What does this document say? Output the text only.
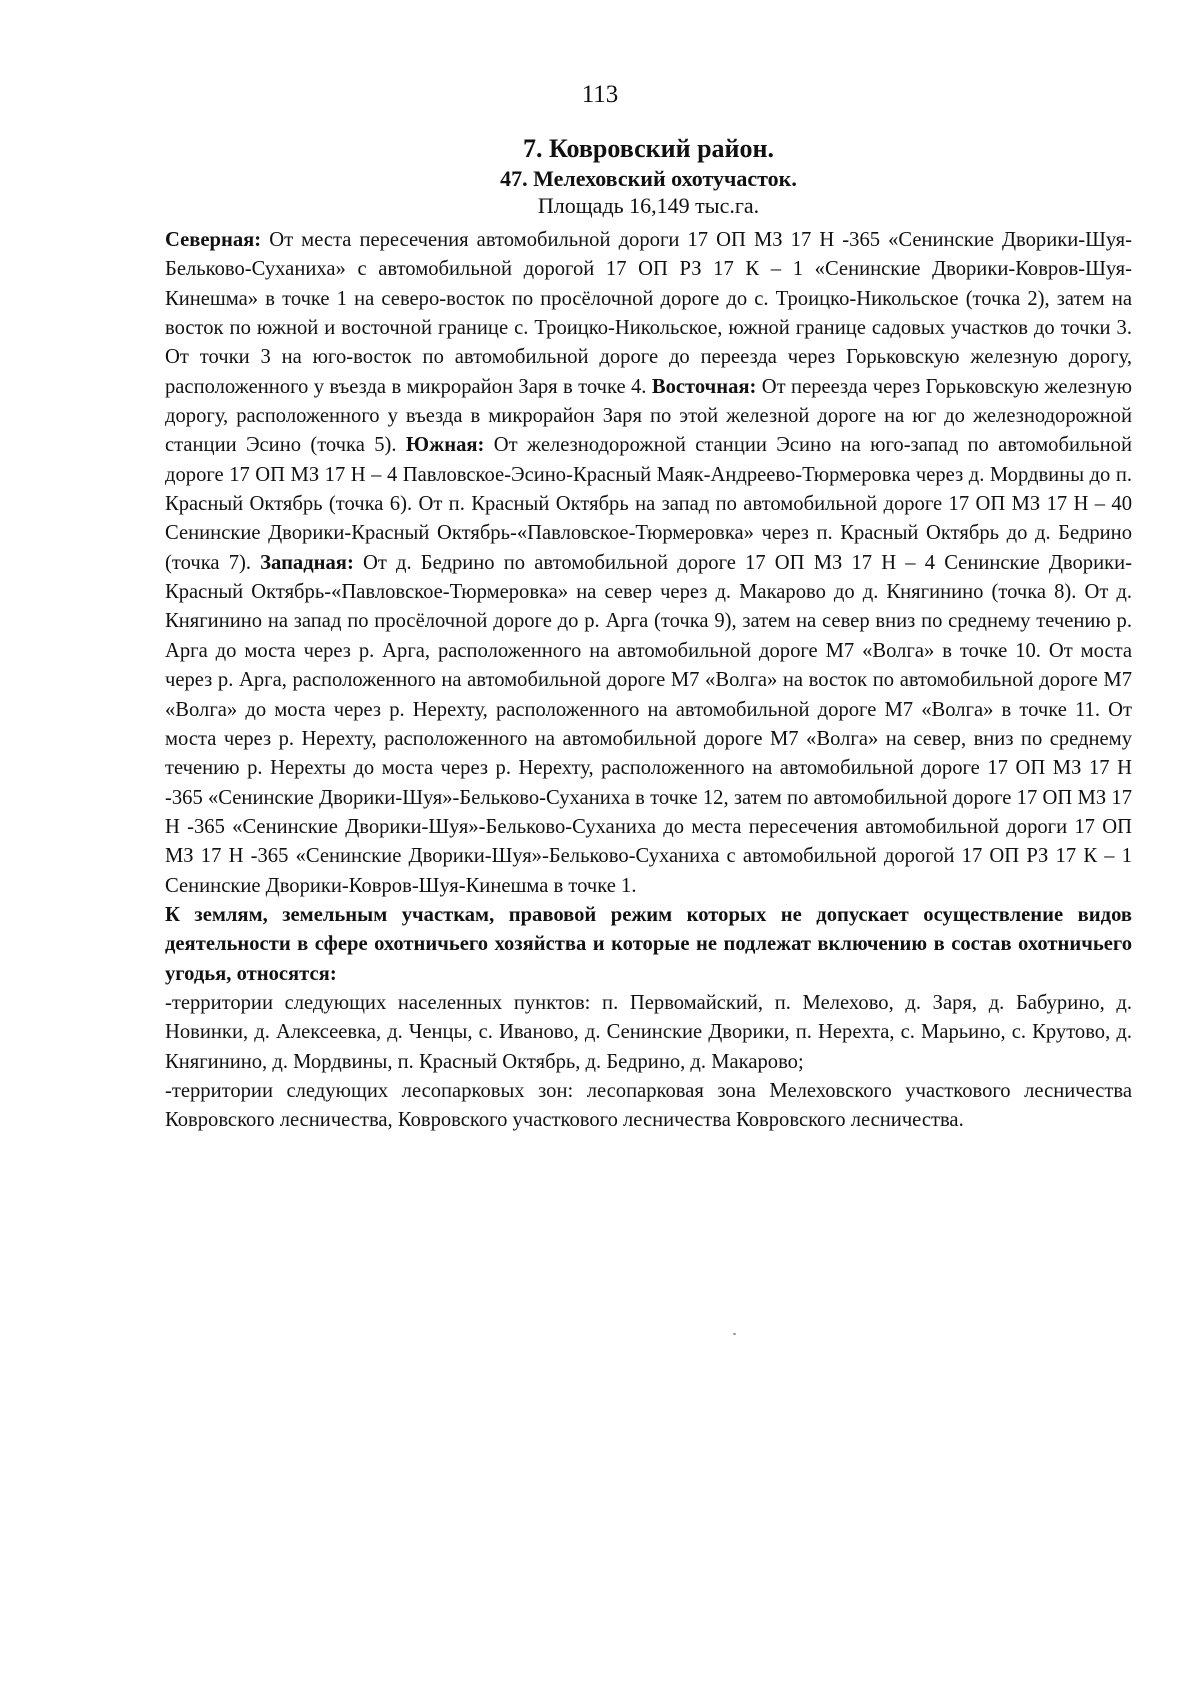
113
7. Ковровский район.
47. Мелеховский охотучасток.
Площадь 16,149 тыс.га.

Северная: От места пересечения автомобильной дороги 17 ОП МЗ 17 Н -365 «Сенинские Дворики-Шуя-Бельково-Суханиха» с автомобильной дорогой 17 ОП РЗ 17 К – 1 «Сенинские Дворики-Ковров-Шуя-Кинешма» в точке 1 на северо-восток по просёлочной дороге до с. Троицко-Никольское (точка 2), затем на восток по южной и восточной границе с. Троицко-Никольское, южной границе садовых участков до точки 3. От точки 3 на юго-восток по автомобильной дороге до переезда через Горьковскую железную дорогу, расположенного у въезда в микрорайон Заря в точке 4. Восточная: От переезда через Горьковскую железную дорогу, расположенного у въезда в микрорайон Заря по этой железной дороге на юг до железнодорожной станции Эсино (точка 5). Южная: От железнодорожной станции Эсино на юго-запад по автомобильной дороге 17 ОП МЗ 17 Н – 4 Павловское-Эсино-Красный Маяк-Андреево-Тюрмеровка через д. Мордвины до п. Красный Октябрь (точка 6). От п. Красный Октябрь на запад по автомобильной дороге 17 ОП МЗ 17 Н – 40 Сенинские Дворики-Красный Октябрь-«Павловское-Тюрмеровка» через п. Красный Октябрь до д. Бедрино (точка 7). Западная: От д. Бедрино по автомобильной дороге 17 ОП МЗ 17 Н – 4 Сенинские Дворики-Красный Октябрь-«Павловское-Тюрмеровка» на север через д. Макарово до д. Княгинино (точка 8). От д. Княгинино на запад по просёлочной дороге до р. Арга (точка 9), затем на север вниз по среднему течению р. Арга до моста через р. Арга, расположенного на автомобильной дороге М7 «Волга» в точке 10. От моста через р. Арга, расположенного на автомобильной дороге М7 «Волга» на восток по автомобильной дороге М7 «Волга» до моста через р. Нерехту, расположенного на автомобильной дороге М7 «Волга» в точке 11. От моста через р. Нерехту, расположенного на автомобильной дороге М7 «Волга» на север, вниз по среднему течению р. Нерехты до моста через р. Нерехту, расположенного на автомобильной дороге 17 ОП МЗ 17 Н -365 «Сенинские Дворики-Шуя»-Бельково-Суханиха в точке 12, затем по автомобильной дороге 17 ОП МЗ 17 Н -365 «Сенинские Дворики-Шуя»-Бельково-Суханиха до места пересечения автомобильной дороги 17 ОП МЗ 17 Н -365 «Сенинские Дворики-Шуя»-Бельково-Суханиха с автомобильной дорогой 17 ОП РЗ 17 К – 1 Сенинские Дворики-Ковров-Шуя-Кинешма в точке 1.

К землям, земельным участкам, правовой режим которых не допускает осуществление видов деятельности в сфере охотничьего хозяйства и которые не подлежат включению в состав охотничьего угодья, относятся:

-территории следующих населенных пунктов: п. Первомайский, п. Мелехово, д. Заря, д. Бабурино, д. Новинки, д. Алексеевка, д. Ченцы, с. Иваново, д. Сенинские Дворики, п. Нерехта, с. Марьино, с. Крутово, д. Княгинино, д. Мордвины, п. Красный Октябрь, д. Бедрино, д. Макарово;

-территории следующих лесопарковых зон: лесопарковая зона Мелеховского участкового лесничества Ковровского лесничества, Ковровского участкового лесничества Ковровского лесничества.
